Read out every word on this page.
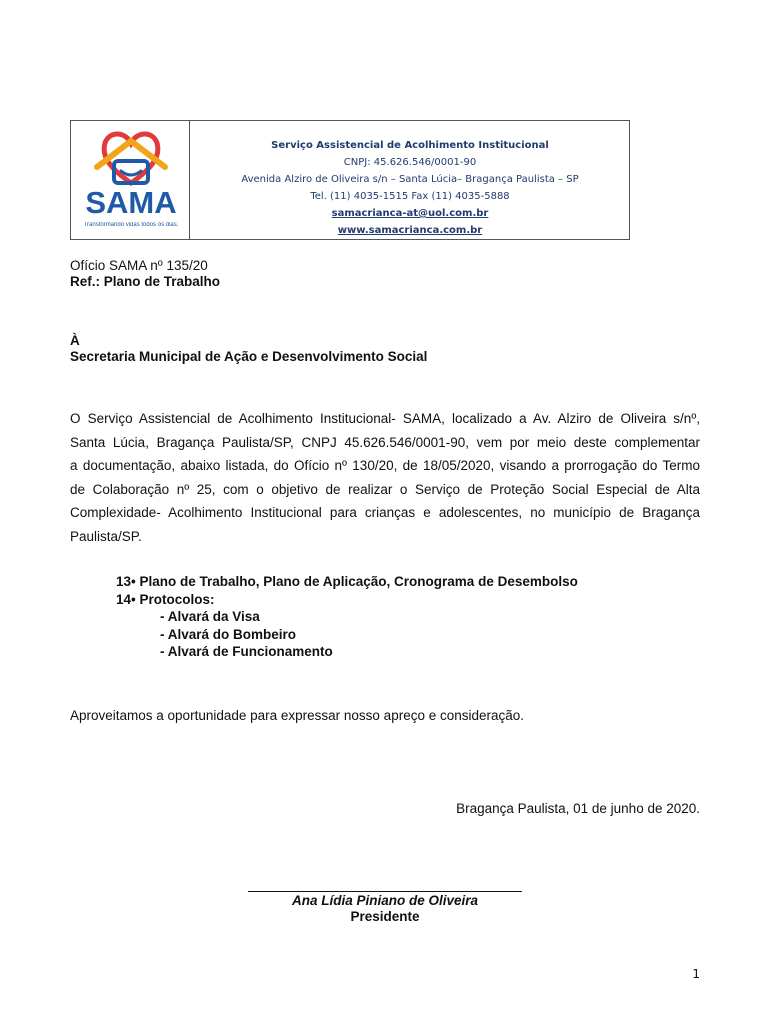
SAMA
Transformando vidas todos os dias.
Serviço Assistencial de Acolhimento Institucional
CNPJ: 45.626.546/0001-90
Avenida Alziro de Oliveira s/n – Santa Lúcia– Bragança Paulista – SP
Tel. (11) 4035-1515 Fax (11) 4035-5888
samacrianca-at@uol.com.br
www.samacrianca.com.br
Ofício SAMA nº 135/20
Ref.: Plano de Trabalho
À
Secretaria Municipal de Ação e Desenvolvimento Social
O Serviço Assistencial de Acolhimento Institucional- SAMA, localizado a Av. Alziro de Oliveira s/nº,
Santa Lúcia, Bragança Paulista/SP, CNPJ 45.626.546/0001-90, vem por meio deste complementar
a documentação, abaixo listada, do Ofício nº 130/20, de 18/05/2020, visando a prorrogação do Termo
de Colaboração nº 25, com o objetivo de realizar o Serviço de Proteção Social Especial de Alta
Complexidade- Acolhimento Institucional para crianças e adolescentes, no município de Bragança
Paulista/SP.
13• Plano de Trabalho, Plano de Aplicação, Cronograma de Desembolso
14• Protocolos:
- Alvará da Visa
- Alvará do Bombeiro
- Alvará de Funcionamento
Aproveitamos a oportunidade para expressar nosso apreço e consideração.
Bragança Paulista, 01 de junho de 2020.
Ana Lídia Piniano de Oliveira
Presidente
1
